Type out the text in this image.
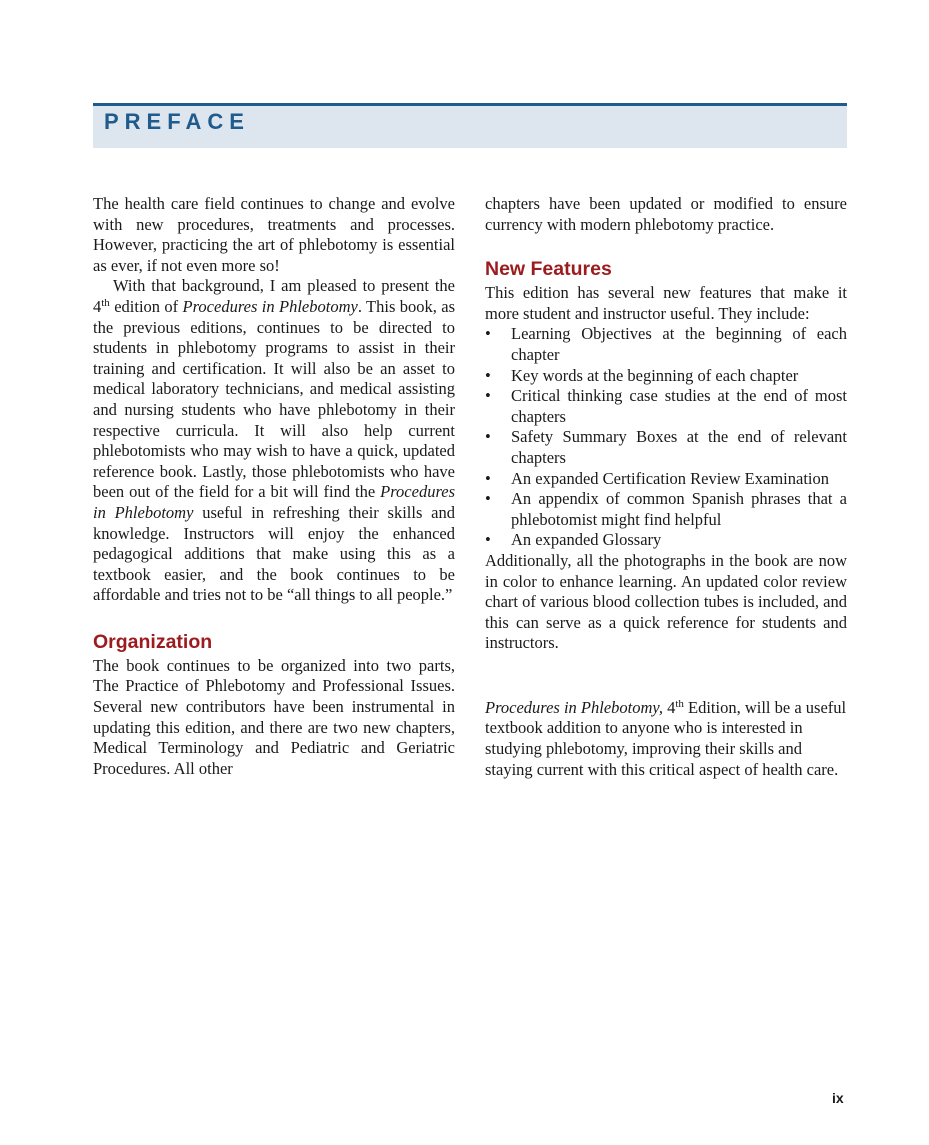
PREFACE

The health care field continues to change and evolve with new procedures, treatments and processes. However, practicing the art of phlebotomy is essential as ever, if not even more so!

With that background, I am pleased to present the 4th edition of Procedures in Phlebotomy. This book, as the previous editions, continues to be directed to students in phlebotomy programs to assist in their training and certification. It will also be an asset to medical laboratory technicians, and medical assisting and nursing students who have phlebotomy in their respective curricula. It will also help current phlebotomists who may wish to have a quick, updated reference book. Lastly, those phlebotomists who have been out of the field for a bit will find the Procedures in Phlebotomy useful in refreshing their skills and knowledge. Instructors will enjoy the enhanced pedagogical additions that make using this as a textbook easier, and the book continues to be affordable and tries not to be “all things to all people.”

Organization

The book continues to be organized into two parts, The Practice of Phlebotomy and Professional Issues. Several new contributors have been instrumental in updating this edition, and there are two new chapters, Medical Terminology and Pediatric and Geriatric Procedures. All other

chapters have been updated or modified to ensure currency with modern phlebotomy practice.

New Features

This edition has several new features that make it more student and instructor useful. They include:

• Learning Objectives at the beginning of each chapter
• Key words at the beginning of each chapter
• Critical thinking case studies at the end of most chapters
• Safety Summary Boxes at the end of relevant chapters
• An expanded Certification Review Examination
• An appendix of common Spanish phrases that a phlebotomist might find helpful
• An expanded Glossary

Additionally, all the photographs in the book are now in color to enhance learning. An updated color review chart of various blood collection tubes is included, and this can serve as a quick reference for students and instructors.

Procedures in Phlebotomy, 4th Edition, will be a useful textbook addition to anyone who is interested in studying phlebotomy, improving their skills and staying current with this critical aspect of health care.

ix
